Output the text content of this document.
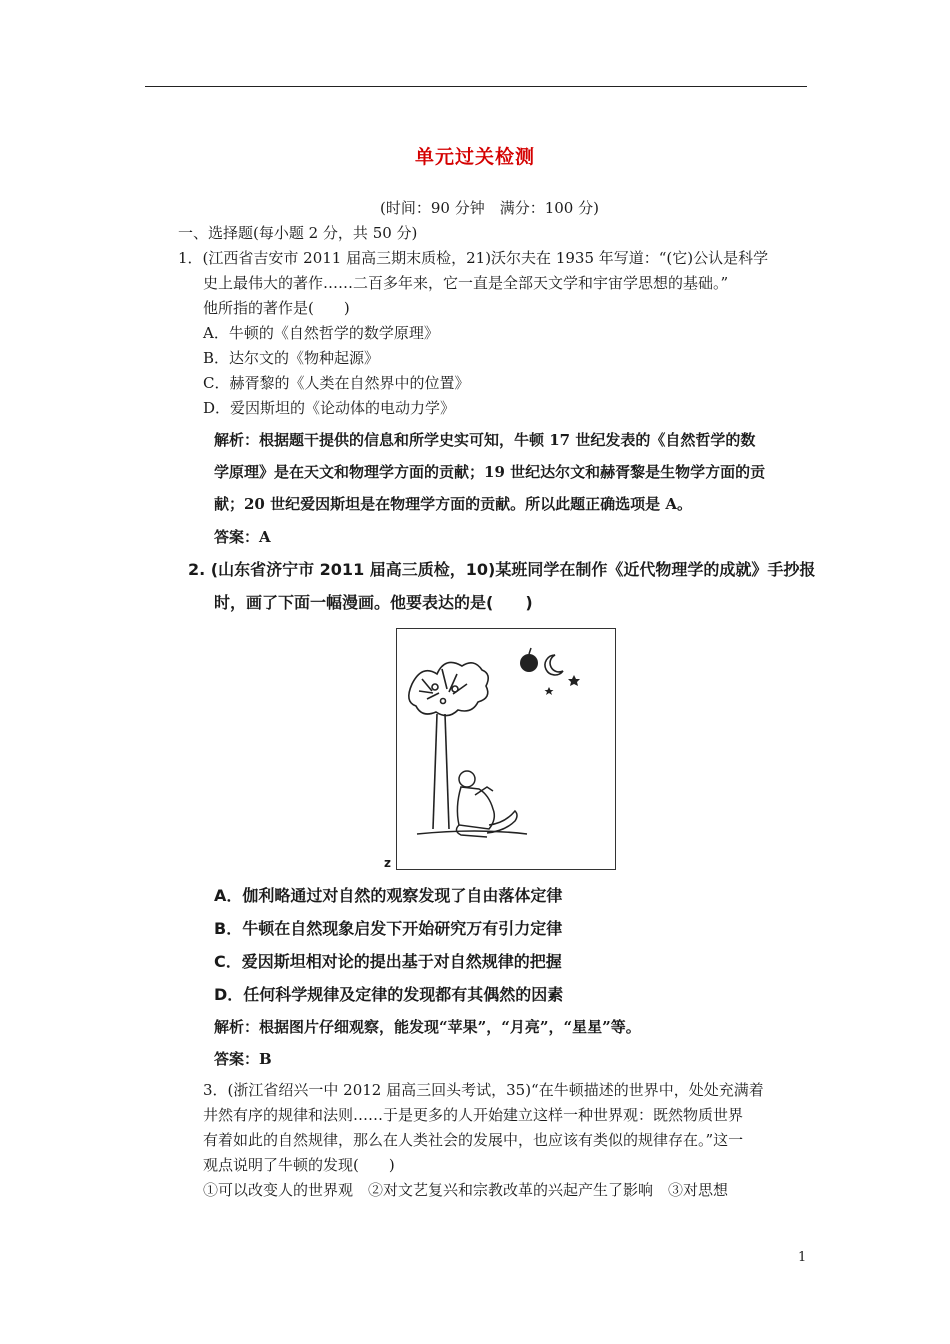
单元过关检测
(时间：90 分钟　满分：100 分)
一、选择题(每小题 2 分，共 50 分)
1．(江西省吉安市 2011 届高三期末质检，21)沃尔夫在 1935 年写道：“(它)公认是科学
史上最伟大的著作……二百多年来，它一直是全部天文学和宇宙学思想的基础。”
他所指的著作是(　　)
A．牛顿的《自然哲学的数学原理》
B．达尔文的《物种起源》
C．赫胥黎的《人类在自然界中的位置》
D．爱因斯坦的《论动体的电动力学》
解析：根据题干提供的信息和所学史实可知，牛顿 17 世纪发表的《自然哲学的数
学原理》是在天文和物理学方面的贡献；19 世纪达尔文和赫胥黎是生物学方面的贡
献；20 世纪爱因斯坦是在物理学方面的贡献。所以此题正确选项是 A。
答案：A
2. (山东省济宁市 2011 届高三质检，10)某班同学在制作《近代物理学的成就》手抄报
时，画了下面一幅漫画。他要表达的是(　　)
z
A．伽利略通过对自然的观察发现了自由落体定律
B．牛顿在自然现象启发下开始研究万有引力定律
C．爱因斯坦相对论的提出基于对自然规律的把握
D．任何科学规律及定律的发现都有其偶然的因素
解析：根据图片仔细观察，能发现“苹果”，“月亮”，“星星”等。
答案：B
3．(浙江省绍兴一中 2012 届高三回头考试，35)“在牛顿描述的世界中，处处充满着
井然有序的规律和法则……于是更多的人开始建立这样一种世界观：既然物质世界
有着如此的自然规律，那么在人类社会的发展中，也应该有类似的规律存在。”这一
观点说明了牛顿的发现(　　)
①可以改变人的世界观　②对文艺复兴和宗教改革的兴起产生了影响　③对思想
1
